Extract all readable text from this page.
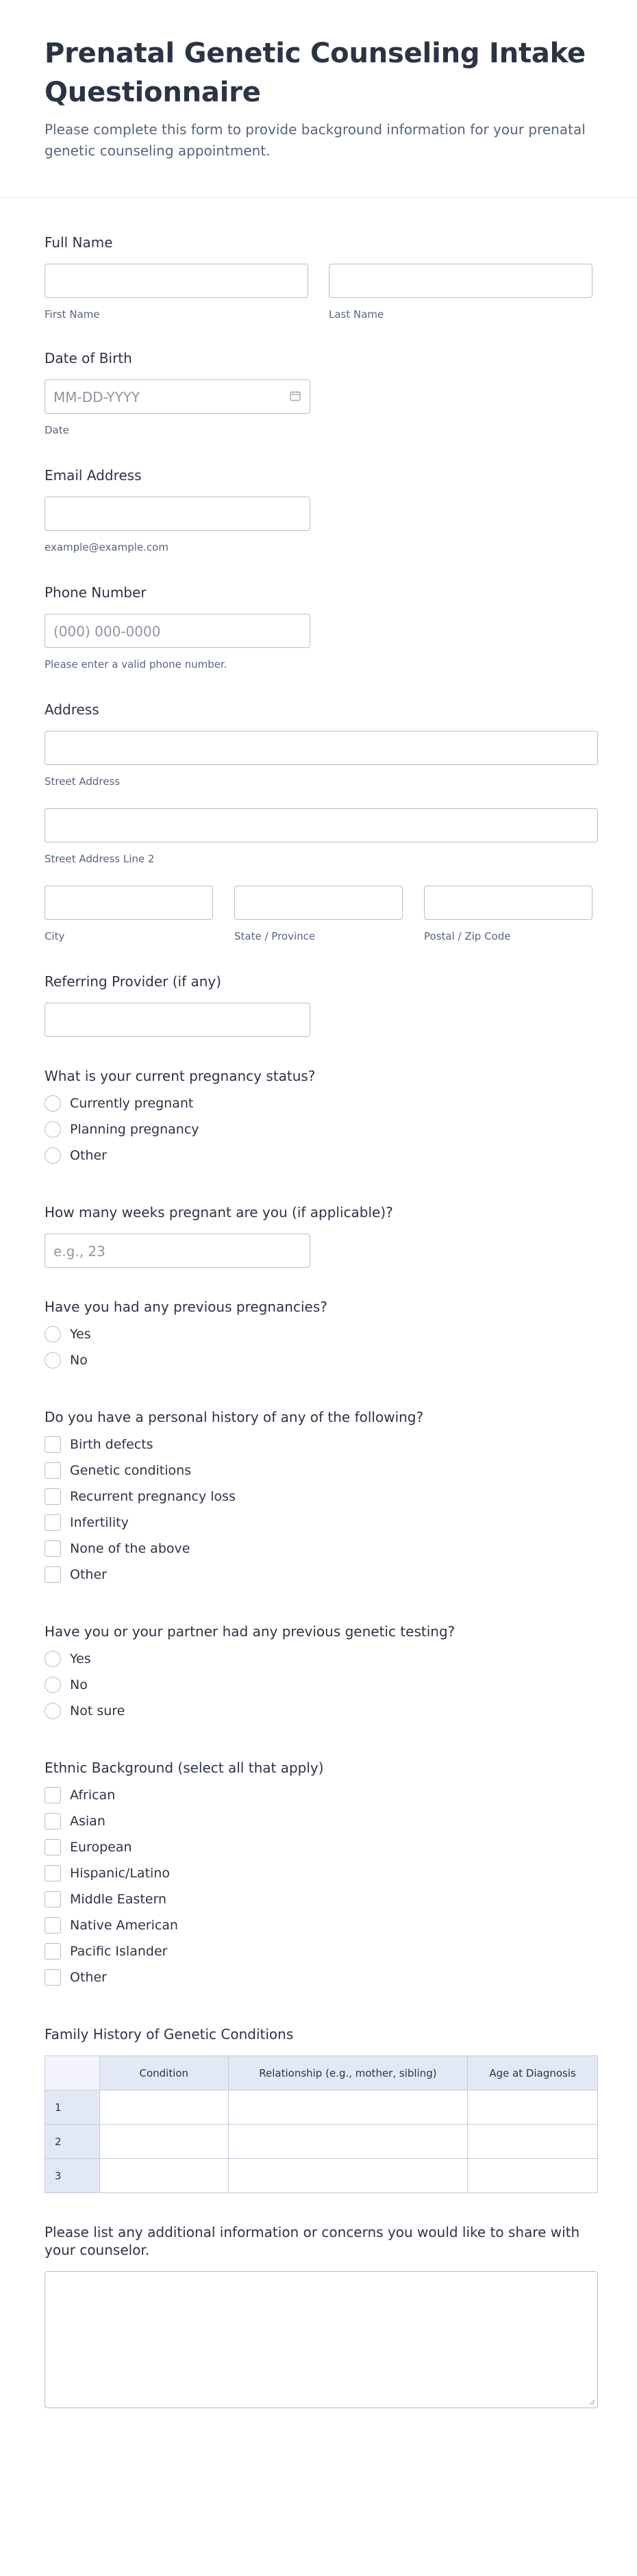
Prenatal Genetic Counseling Intake Questionnaire

Please complete this form to provide background information for your prenatal genetic counseling appointment.

Full Name
First Name	Last Name
Date of Birth
MM-DD-YYYY
Date
Email Address
example@example.com
Phone Number
(000) 000-0000
Please enter a valid phone number.
Address
Street Address
Street Address Line 2
City	State / Province	Postal / Zip Code
Referring Provider (if any)
What is your current pregnancy status?
Currently pregnant
Planning pregnancy
Other
How many weeks pregnant are you (if applicable)?
e.g., 23
Have you had any previous pregnancies?
Yes
No
Do you have a personal history of any of the following?
Birth defects
Genetic conditions
Recurrent pregnancy loss
Infertility
None of the above
Other
Have you or your partner had any previous genetic testing?
Yes
No
Not sure
Ethnic Background (select all that apply)
African
Asian
European
Hispanic/Latino
Middle Eastern
Native American
Pacific Islander
Other
Family History of Genetic Conditions
	Condition	Relationship (e.g., mother, sibling)	Age at Diagnosis
1			
2			
3			
Please list any additional information or concerns you would like to share with your counselor.
